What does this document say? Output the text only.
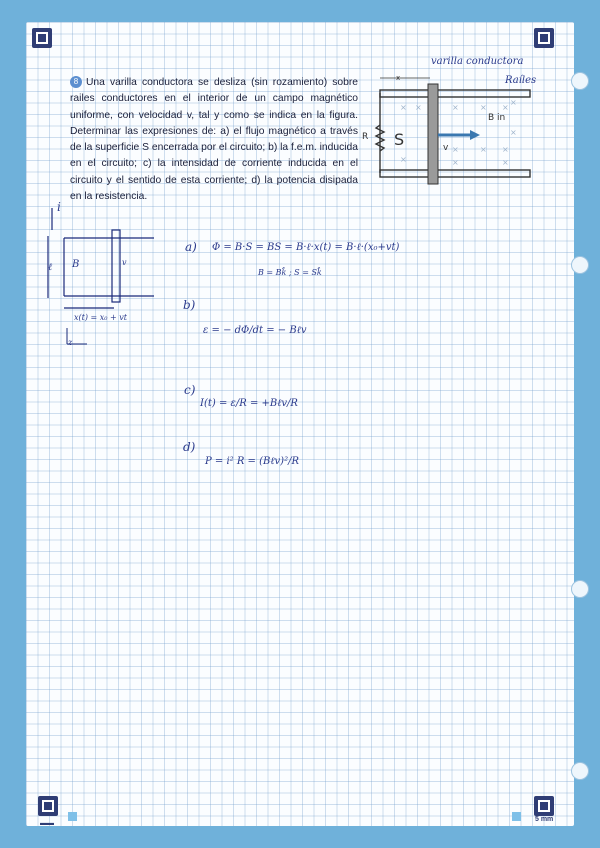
▬▬
5 mm
8 Una varilla conductora se desliza (sin rozamiento) sobre railes conductores en el interior de un campo magnético uniforme, con velocidad v, tal y como se indica en la figura. Determinar las expresiones de: a) el flujo magnético a través de la superficie S encerrada por el circuito; b) la f.e.m. inducida en el circuito; c) la intensidad de corriente inducida en el circuito y el sentido de esta corriente; d) la potencia disipada en la resistencia.
× ×	×	× ×
×	× ×
×	×	×
×
×
varilla conductora
Raíles
x
R S
B in
v
i
ℓ B	v
x(t) = x₀ + vt
z
a) Φ = B·S = BS = B·ℓ·x(t) = B·ℓ·(x₀+vt)
B = Bk̂ ; S = Sk̂
b)
ε = − dΦ/dt = − Bℓv
c)
I(t) = ε/R = +Bℓv/R
d)
P = i² R = (Bℓv)²/R
